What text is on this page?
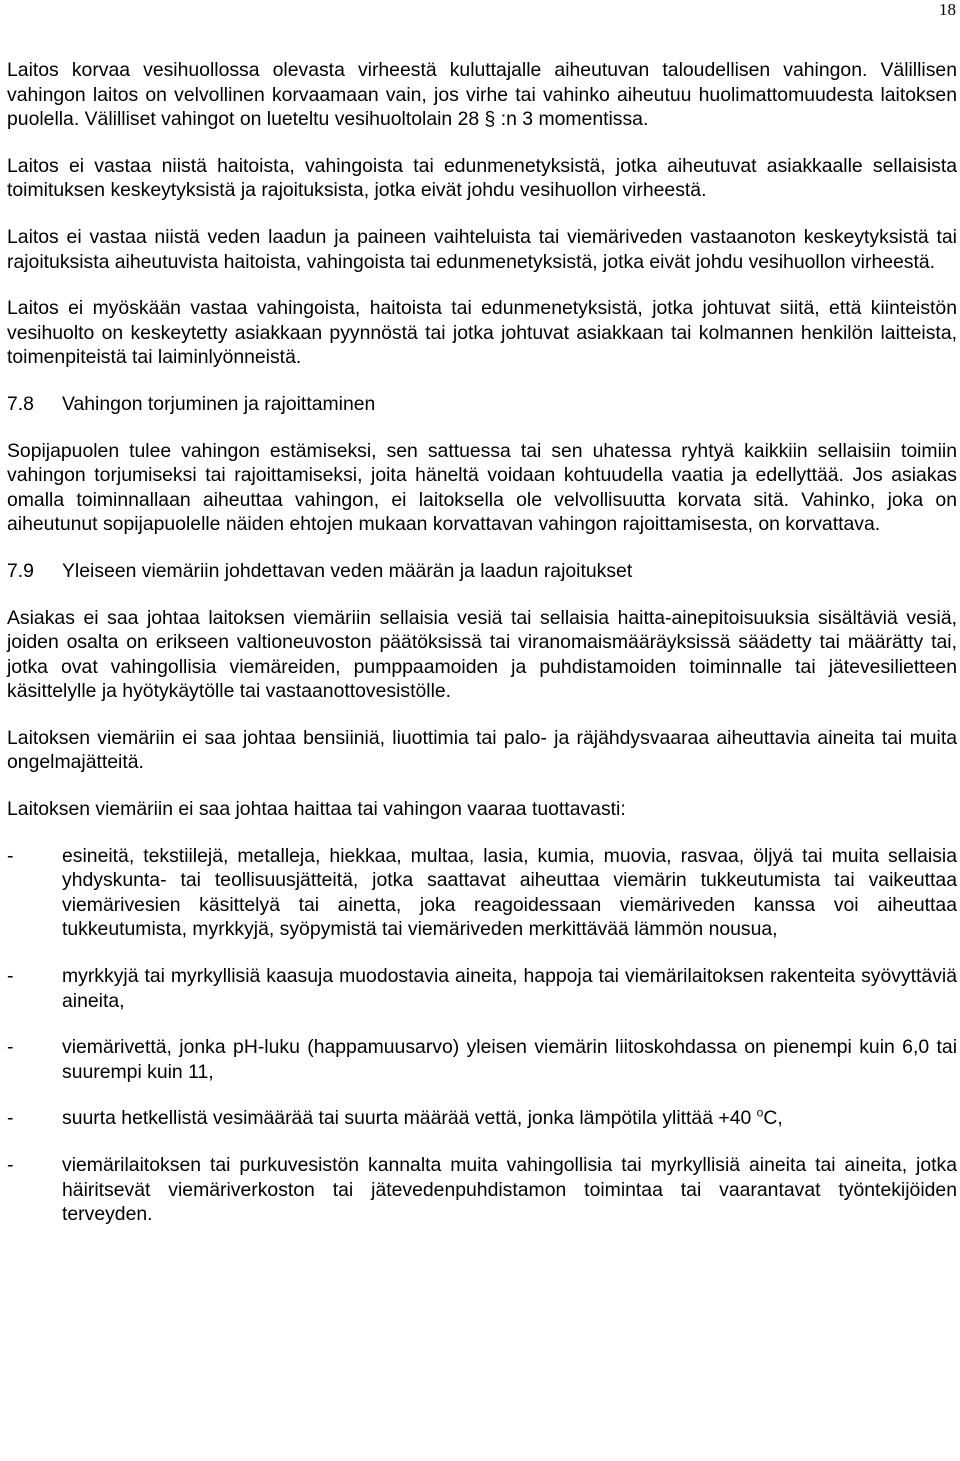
18

Laitos korvaa vesihuollossa olevasta virheestä kuluttajalle aiheutuvan taloudellisen vahingon. Välillisen vahingon laitos on velvollinen korvaamaan vain, jos virhe tai vahinko aiheutuu huolimattomuudesta laitoksen puolella. Välilliset vahingot on lueteltu vesihuoltolain 28 § :n 3 momentissa.

Laitos ei vastaa niistä haitoista, vahingoista tai edunmenetyksistä, jotka aiheutuvat asiakkaalle sellaisista toimituksen keskeytyksistä ja rajoituksista, jotka eivät johdu vesihuollon virheestä.

Laitos ei vastaa niistä veden laadun ja paineen vaihteluista tai viemäriveden vastaanoton keskeytyksistä tai rajoituksista aiheutuvista haitoista, vahingoista tai edunmenetyksistä, jotka eivät johdu vesihuollon virheestä.

Laitos ei myöskään vastaa vahingoista, haitoista tai edunmenetyksistä, jotka johtuvat siitä, että kiinteistön vesihuolto on keskeytetty asiakkaan pyynnöstä tai jotka johtuvat asiakkaan tai kolmannen henkilön laitteista, toimenpiteistä tai laiminlyönneistä.

7.8 Vahingon torjuminen ja rajoittaminen

Sopijapuolen tulee vahingon estämiseksi, sen sattuessa tai sen uhatessa ryhtyä kaikkiin sellaisiin toimiin vahingon torjumiseksi tai rajoittamiseksi, joita häneltä voidaan kohtuudella vaatia ja edellyttää. Jos asiakas omalla toiminnallaan aiheuttaa vahingon, ei laitoksella ole velvollisuutta korvata sitä. Vahinko, joka on aiheutunut sopijapuolelle näiden ehtojen mukaan korvattavan vahingon rajoittamisesta, on korvattava.

7.9 Yleiseen viemäriin johdettavan veden määrän ja laadun rajoitukset

Asiakas ei saa johtaa laitoksen viemäriin sellaisia vesiä tai sellaisia haitta-ainepitoisuuksia sisältäviä vesiä, joiden osalta on erikseen valtioneuvoston päätöksissä tai viranomaismääräyksissä säädetty tai määrätty tai, jotka ovat vahingollisia viemäreiden, pumppaamoiden ja puhdistamoiden toiminnalle tai jätevesilietteen käsittelylle ja hyötykäytölle tai vastaanottovesistölle.

Laitoksen viemäriin ei saa johtaa bensiiniä, liuottimia tai palo- ja räjähdysvaaraa aiheuttavia aineita tai muita ongelmajätteitä.

Laitoksen viemäriin ei saa johtaa haittaa tai vahingon vaaraa tuottavasti:

-	esineitä, tekstiilejä, metalleja, hiekkaa, multaa, lasia, kumia, muovia, rasvaa, öljyä tai muita sellaisia yhdyskunta- tai teollisuusjätteitä, jotka saattavat aiheuttaa viemärin tukkeutumista tai vaikeuttaa viemärivesien käsittelyä tai ainetta, joka reagoidessaan viemäriveden kanssa voi aiheuttaa tukkeutumista, myrkkyjä, syöpymistä tai viemäriveden merkittävää lämmön nousua,
-	myrkkyjä tai myrkyllisiä kaasuja muodostavia aineita, happoja tai viemärilaitoksen rakenteita syövyttäviä aineita,
-	viemärivettä, jonka pH-luku (happamuusarvo) yleisen viemärin liitoskohdassa on pienempi kuin 6,0 tai suurempi kuin 11,
-	suurta hetkellistä vesimäärää tai suurta määrää vettä, jonka lämpötila ylittää +40 $^o$C,
-	viemärilaitoksen tai purkuvesistön kannalta muita vahingollisia tai myrkyllisiä aineita tai aineita, jotka häiritsevät viemäriverkoston tai jätevedenpuhdistamon toimintaa tai vaarantavat työntekijöiden terveyden.
